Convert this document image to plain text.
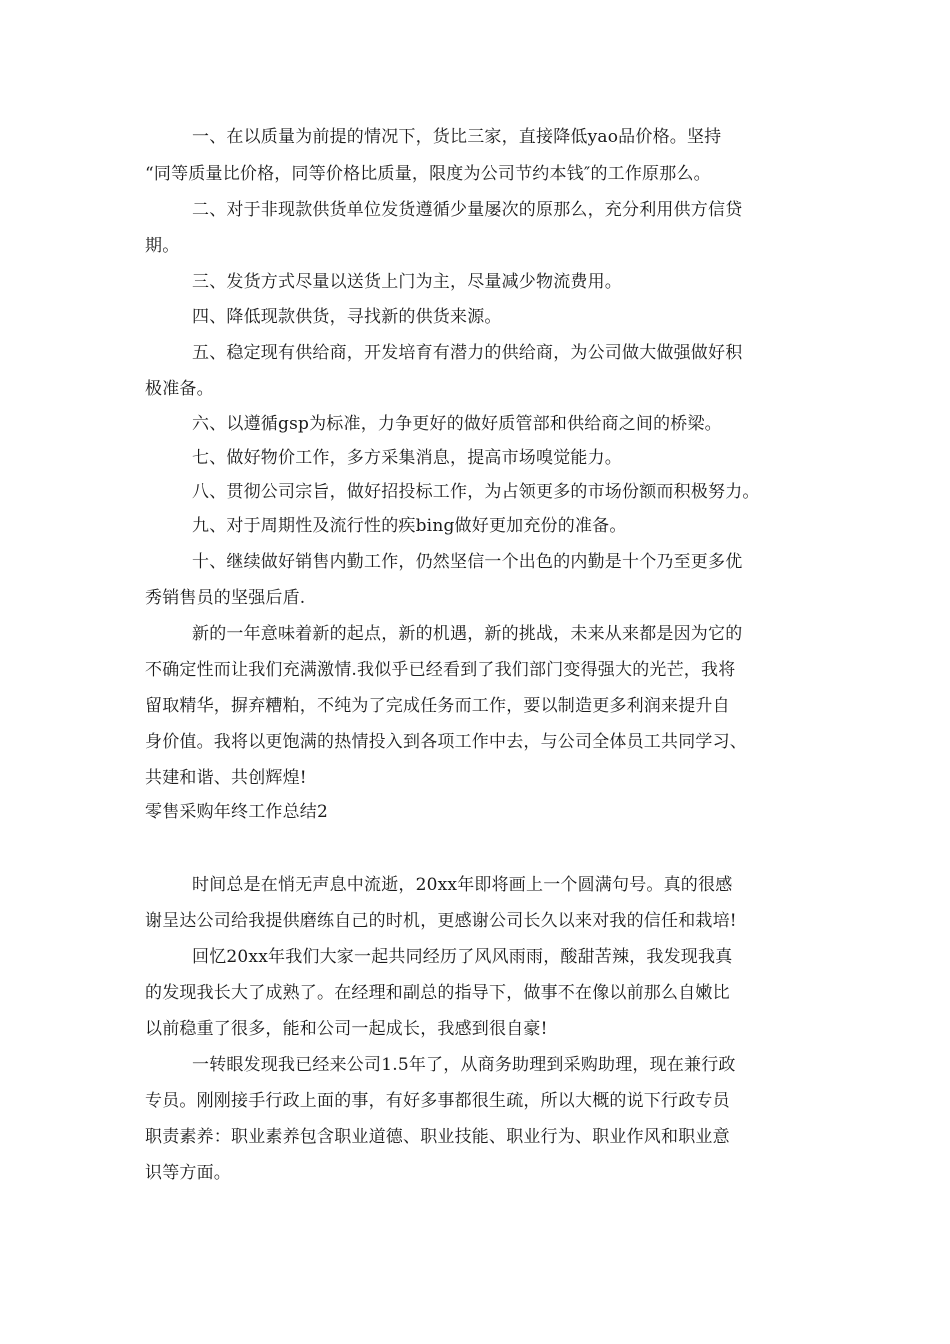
一、在以质量为前提的情况下，货比三家，直接降低yao品价格。坚持
“同等质量比价格，同等价格比质量，限度为公司节约本钱″的工作原那么。
二、对于非现款供货单位发货遵循少量屡次的原那么，充分利用供方信贷
期。
三、发货方式尽量以送货上门为主，尽量减少物流费用。
四、降低现款供货，寻找新的供货来源。
五、稳定现有供给商，开发培育有潜力的供给商，为公司做大做强做好积
极准备。
六、以遵循gsp为标准，力争更好的做好质管部和供给商之间的桥梁。
七、做好物价工作，多方采集消息，提高市场嗅觉能力。
八、贯彻公司宗旨，做好招投标工作，为占领更多的市场份额而积极努力。
九、对于周期性及流行性的疾bing做好更加充份的准备。
十、继续做好销售内勤工作，仍然坚信一个出色的内勤是十个乃至更多优
秀销售员的坚强后盾.
新的一年意味着新的起点，新的机遇，新的挑战，未来从来都是因为它的
不确定性而让我们充满激情.我似乎已经看到了我们部门变得强大的光芒，我将
留取精华，摒弃糟粕，不纯为了完成任务而工作，要以制造更多利润来提升自
身价值。我将以更饱满的热情投入到各项工作中去，与公司全体员工共同学习、
共建和谐、共创辉煌!
零售采购年终工作总结2
时间总是在悄无声息中流逝，20xx年即将画上一个圆满句号。真的很感
谢呈达公司给我提供磨练自己的时机，更感谢公司长久以来对我的信任和栽培!
回忆20xx年我们大家一起共同经历了风风雨雨，酸甜苦辣，我发现我真
的发现我长大了成熟了。在经理和副总的指导下，做事不在像以前那么自嫩比
以前稳重了很多，能和公司一起成长，我感到很自豪!
一转眼发现我已经来公司1.5年了，从商务助理到采购助理，现在兼行政
专员。刚刚接手行政上面的事，有好多事都很生疏，所以大概的说下行政专员
职责素养：职业素养包含职业道德、职业技能、职业行为、职业作风和职业意
识等方面。
